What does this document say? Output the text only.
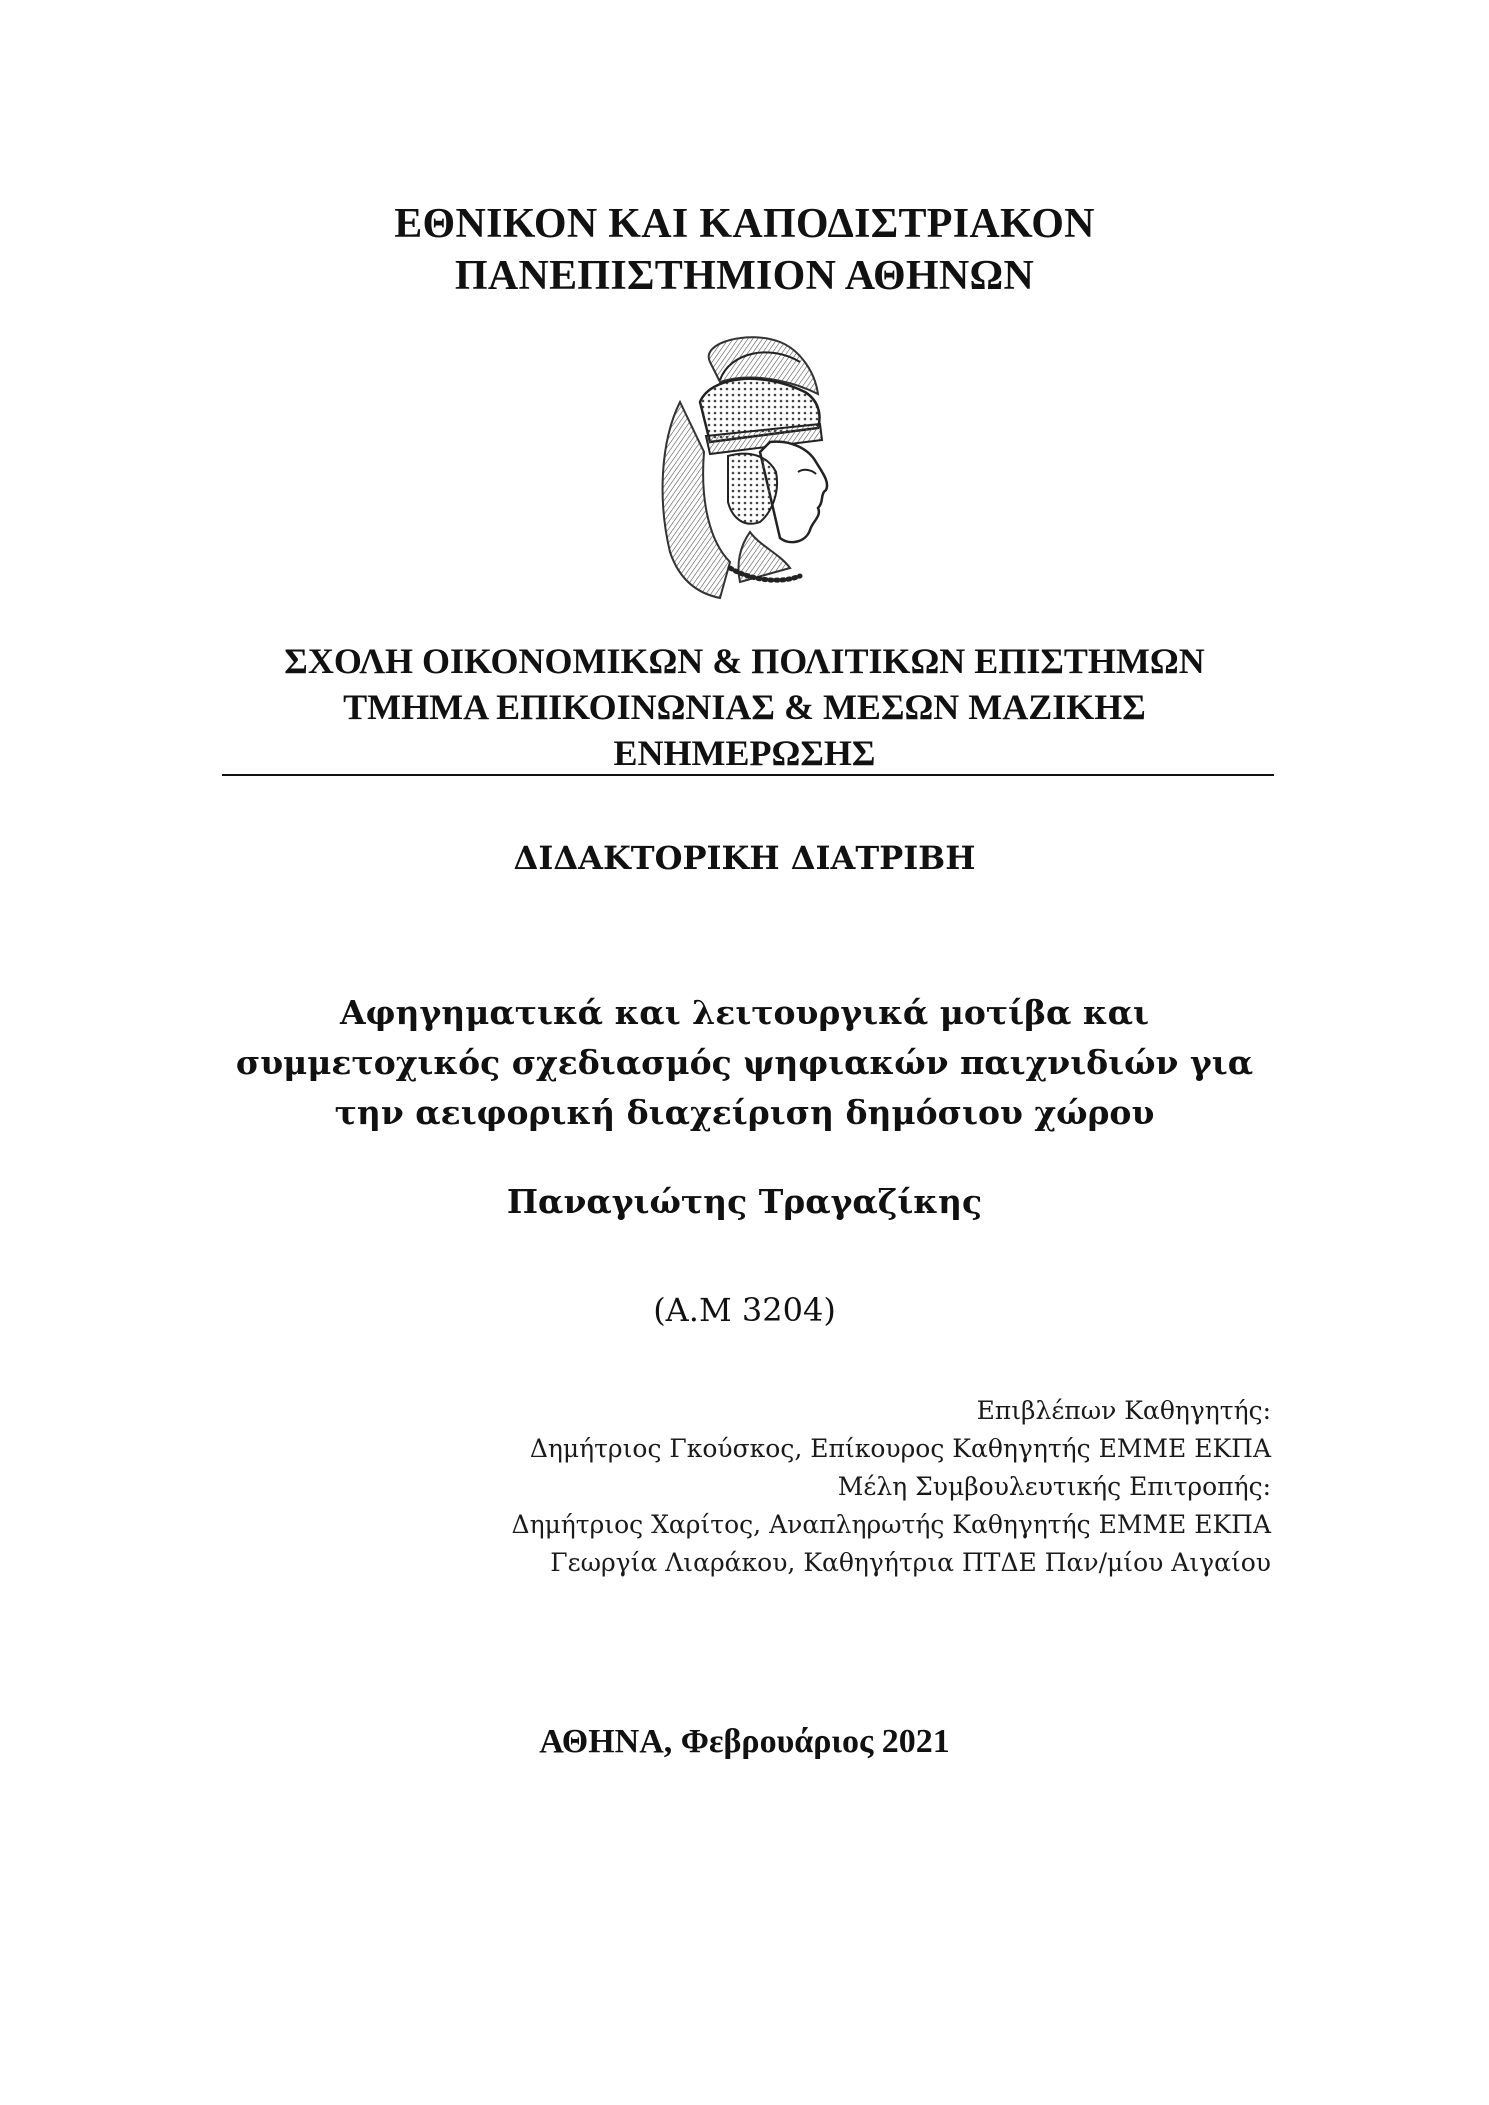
ΕΘΝΙΚΟΝ ΚΑΙ ΚΑΠΟΔΙΣΤΡΙΑΚΟΝ
ΠΑΝΕΠΙΣΤΗΜΙΟΝ ΑΘΗΝΩΝ
ΣΧΟΛΗ ΟΙΚΟΝΟΜΙΚΩΝ & ΠΟΛΙΤΙΚΩΝ ΕΠΙΣΤΗΜΩΝ
ΤΜΗΜΑ ΕΠΙΚΟΙΝΩΝΙΑΣ & ΜΕΣΩΝ ΜΑΖΙΚΗΣ
ΕΝΗΜΕΡΩΣΗΣ
ΔΙΔΑΚΤΟΡΙΚΗ ΔΙΑΤΡΙΒΗ
Αφηγηματικά και λειτουργικά μοτίβα και
συμμετοχικός σχεδιασμός ψηφιακών παιχνιδιών για
την αειφορική διαχείριση δημόσιου χώρου
Παναγιώτης Τραγαζίκης
(Α.Μ 3204)
Επιβλέπων Καθηγητής:
Δημήτριος Γκούσκος, Επίκουρος Καθηγητής ΕΜΜΕ ΕΚΠΑ
Μέλη Συμβουλευτικής Επιτροπής:
Δημήτριος Χαρίτος, Αναπληρωτής Καθηγητής ΕΜΜΕ ΕΚΠΑ
Γεωργία Λιαράκου, Καθηγήτρια ΠΤΔΕ Παν/μίου Αιγαίου
ΑΘΗΝΑ, Φεβρουάριος 2021
